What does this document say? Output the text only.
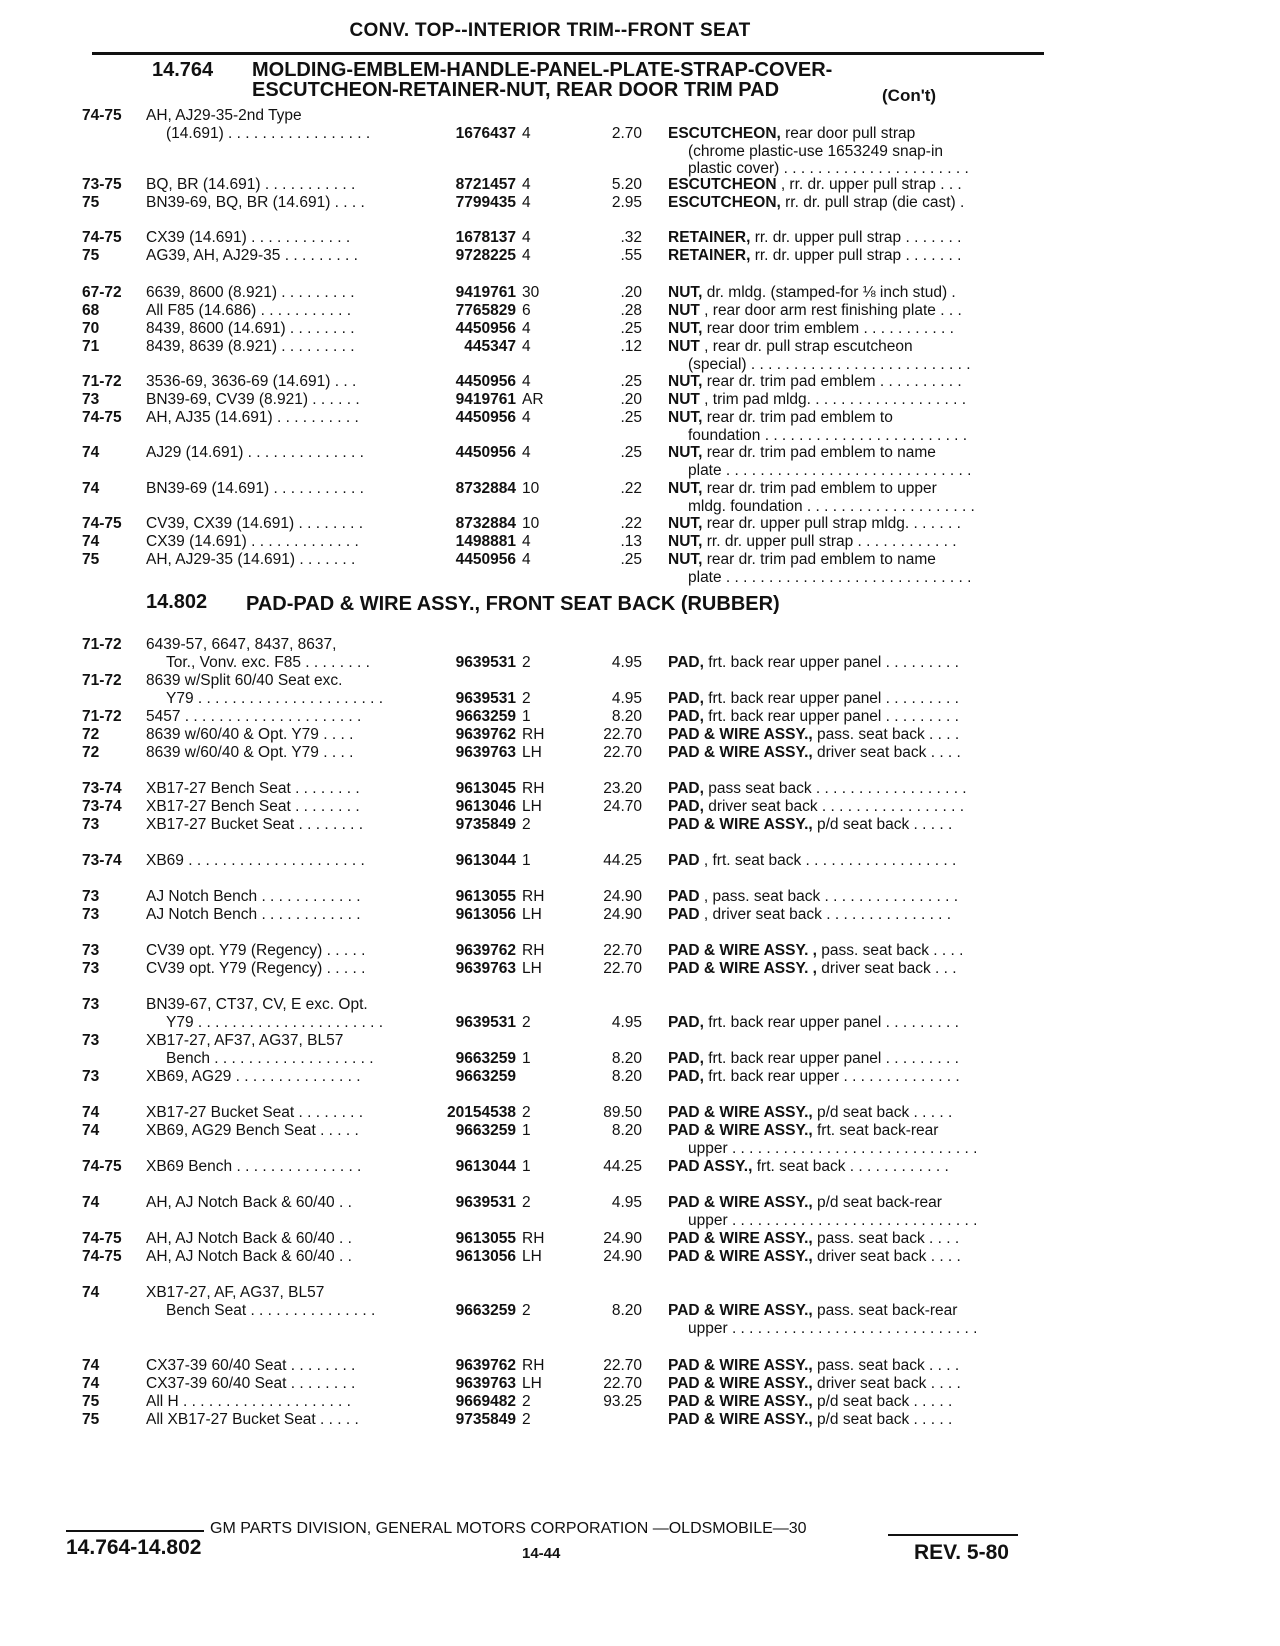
CONV. TOP--INTERIOR TRIM--FRONT SEAT
14.764 MOLDING-EMBLEM-HANDLE-PANEL-PLATE-STRAP-COVER-
ESCUTCHEON-RETAINER-NUT, REAR DOOR TRIM PAD	(Con't)
14.802 PAD-PAD & WIRE ASSY., FRONT SEAT BACK (RUBBER)
74-75	AH, AJ29-35-2nd Type
(14.691) . . . . . . . . . . . . . . . . .	1676437 4	2.70 ESCUTCHEON, rear door pull strap
(chrome plastic-use 1653249 snap-in
plastic cover) . . . . . . . . . . . . . . . . . . . . . .
73-75	BQ, BR (14.691) . . . . . . . . . . .	8721457 4	5.20 ESCUTCHEON , rr. dr. upper pull strap . . .
75	BN39-69, BQ, BR (14.691) . . . .	7799435 4	2.95 ESCUTCHEON, rr. dr. pull strap (die cast) .
74-75	CX39 (14.691) . . . . . . . . . . . .	1678137 4	.32 RETAINER, rr. dr. upper pull strap . . . . . . .
75	AG39, AH, AJ29-35 . . . . . . . . .	9728225 4	.55 RETAINER, rr. dr. upper pull strap . . . . . . .
67-72	6639, 8600 (8.921) . . . . . . . . .	9419761 30	.20 NUT, dr. mldg. (stamped-for ⅛ inch stud) .
68	All F85 (14.686) . . . . . . . . . . .	7765829 6	.28 NUT , rear door arm rest finishing plate . . .
70	8439, 8600 (14.691) . . . . . . . .	4450956 4	.25 NUT, rear door trim emblem . . . . . . . . . . .
71	8439, 8639 (8.921) . . . . . . . . .	445347 4	.12 NUT , rear dr. pull strap escutcheon
(special) . . . . . . . . . . . . . . . . . . . . . . . . . .
71-72	3536-69, 3636-69 (14.691) . . .	4450956 4	.25 NUT, rear dr. trim pad emblem . . . . . . . . . .
73	BN39-69, CV39 (8.921) . . . . . .	9419761 AR	.20 NUT , trim pad mldg. . . . . . . . . . . . . . . . . . .
74-75	AH, AJ35 (14.691) . . . . . . . . . .	4450956 4	.25 NUT, rear dr. trim pad emblem to
foundation . . . . . . . . . . . . . . . . . . . . . . . .
74	AJ29 (14.691) . . . . . . . . . . . . . .	4450956 4	.25 NUT, rear dr. trim pad emblem to name
plate . . . . . . . . . . . . . . . . . . . . . . . . . . . . .
74	BN39-69 (14.691) . . . . . . . . . . .	8732884 10	.22 NUT, rear dr. trim pad emblem to upper
mldg. foundation . . . . . . . . . . . . . . . . . . . .
74-75	CV39, CX39 (14.691) . . . . . . . .	8732884 10	.22 NUT, rear dr. upper pull strap mldg. . . . . . .
74	CX39 (14.691) . . . . . . . . . . . . .	1498881 4	.13 NUT, rr. dr. upper pull strap . . . . . . . . . . . .
75	AH, AJ29-35 (14.691) . . . . . . .	4450956 4	.25 NUT, rear dr. trim pad emblem to name
plate . . . . . . . . . . . . . . . . . . . . . . . . . . . . .
71-72	6439-57, 6647, 8437, 8637,
Tor., Vonv. exc. F85 . . . . . . . .	9639531 2	4.95 PAD, frt. back rear upper panel . . . . . . . . .
71-72	8639 w/Split 60/40 Seat exc.
Y79 . . . . . . . . . . . . . . . . . . . . . .	9639531 2	4.95 PAD, frt. back rear upper panel . . . . . . . . .
71-72	5457 . . . . . . . . . . . . . . . . . . . . .	9663259 1	8.20 PAD, frt. back rear upper panel . . . . . . . . .
72	8639 w/60/40 & Opt. Y79 . . . .	9639762 RH	22.70 PAD & WIRE ASSY., pass. seat back . . . .
72	8639 w/60/40 & Opt. Y79 . . . .	9639763 LH	22.70 PAD & WIRE ASSY., driver seat back . . . .
73-74	XB17-27 Bench Seat . . . . . . . .	9613045 RH	23.20 PAD, pass seat back . . . . . . . . . . . . . . . . . .
73-74	XB17-27 Bench Seat . . . . . . . .	9613046 LH	24.70 PAD, driver seat back . . . . . . . . . . . . . . . . .
73	XB17-27 Bucket Seat . . . . . . . .	9735849 2	PAD & WIRE ASSY., p/d seat back . . . . .
73-74	XB69 . . . . . . . . . . . . . . . . . . . . .	9613044 1	44.25 PAD , frt. seat back . . . . . . . . . . . . . . . . . .
73	AJ Notch Bench . . . . . . . . . . . .	9613055 RH	24.90 PAD , pass. seat back . . . . . . . . . . . . . . . .
73	AJ Notch Bench . . . . . . . . . . . .	9613056 LH	24.90 PAD , driver seat back . . . . . . . . . . . . . . .
73	CV39 opt. Y79 (Regency) . . . . .	9639762 RH	22.70 PAD & WIRE ASSY. , pass. seat back . . . .
73	CV39 opt. Y79 (Regency) . . . . .	9639763 LH	22.70 PAD & WIRE ASSY. , driver seat back . . .
73	BN39-67, CT37, CV, E exc. Opt.
Y79 . . . . . . . . . . . . . . . . . . . . . .	9639531 2	4.95 PAD, frt. back rear upper panel . . . . . . . . .
73	XB17-27, AF37, AG37, BL57
Bench . . . . . . . . . . . . . . . . . . .	9663259 1	8.20 PAD, frt. back rear upper panel . . . . . . . . .
73	XB69, AG29 . . . . . . . . . . . . . . .	9663259	8.20 PAD, frt. back rear upper . . . . . . . . . . . . . .
74	XB17-27 Bucket Seat . . . . . . . .	20154538 2	89.50 PAD & WIRE ASSY., p/d seat back . . . . .
74	XB69, AG29 Bench Seat . . . . .	9663259 1	8.20 PAD & WIRE ASSY., frt. seat back-rear
upper . . . . . . . . . . . . . . . . . . . . . . . . . . . . .
74-75	XB69 Bench . . . . . . . . . . . . . . .	9613044 1	44.25 PAD ASSY., frt. seat back . . . . . . . . . . . .
74	AH, AJ Notch Back & 60/40 . .	9639531 2	4.95 PAD & WIRE ASSY., p/d seat back-rear
upper . . . . . . . . . . . . . . . . . . . . . . . . . . . . .
74-75	AH, AJ Notch Back & 60/40 . .	9613055 RH	24.90 PAD & WIRE ASSY., pass. seat back . . . .
74-75	AH, AJ Notch Back & 60/40 . .	9613056 LH	24.90 PAD & WIRE ASSY., driver seat back . . . .
74	XB17-27, AF, AG37, BL57
Bench Seat . . . . . . . . . . . . . . .	9663259 2	8.20 PAD & WIRE ASSY., pass. seat back-rear
upper . . . . . . . . . . . . . . . . . . . . . . . . . . . . .
74	CX37-39 60/40 Seat . . . . . . . .	9639762 RH	22.70 PAD & WIRE ASSY., pass. seat back . . . .
74	CX37-39 60/40 Seat . . . . . . . .	9639763 LH	22.70 PAD & WIRE ASSY., driver seat back . . . .
75	All H . . . . . . . . . . . . . . . . . . . .	9669482 2	93.25 PAD & WIRE ASSY., p/d seat back . . . . .
75	All XB17-27 Bucket Seat . . . . .	9735849 2	PAD & WIRE ASSY., p/d seat back . . . . .
GM PARTS DIVISION, GENERAL MOTORS CORPORATION —OLDSMOBILE—30
14.764-14.802	14-44	REV. 5-80
